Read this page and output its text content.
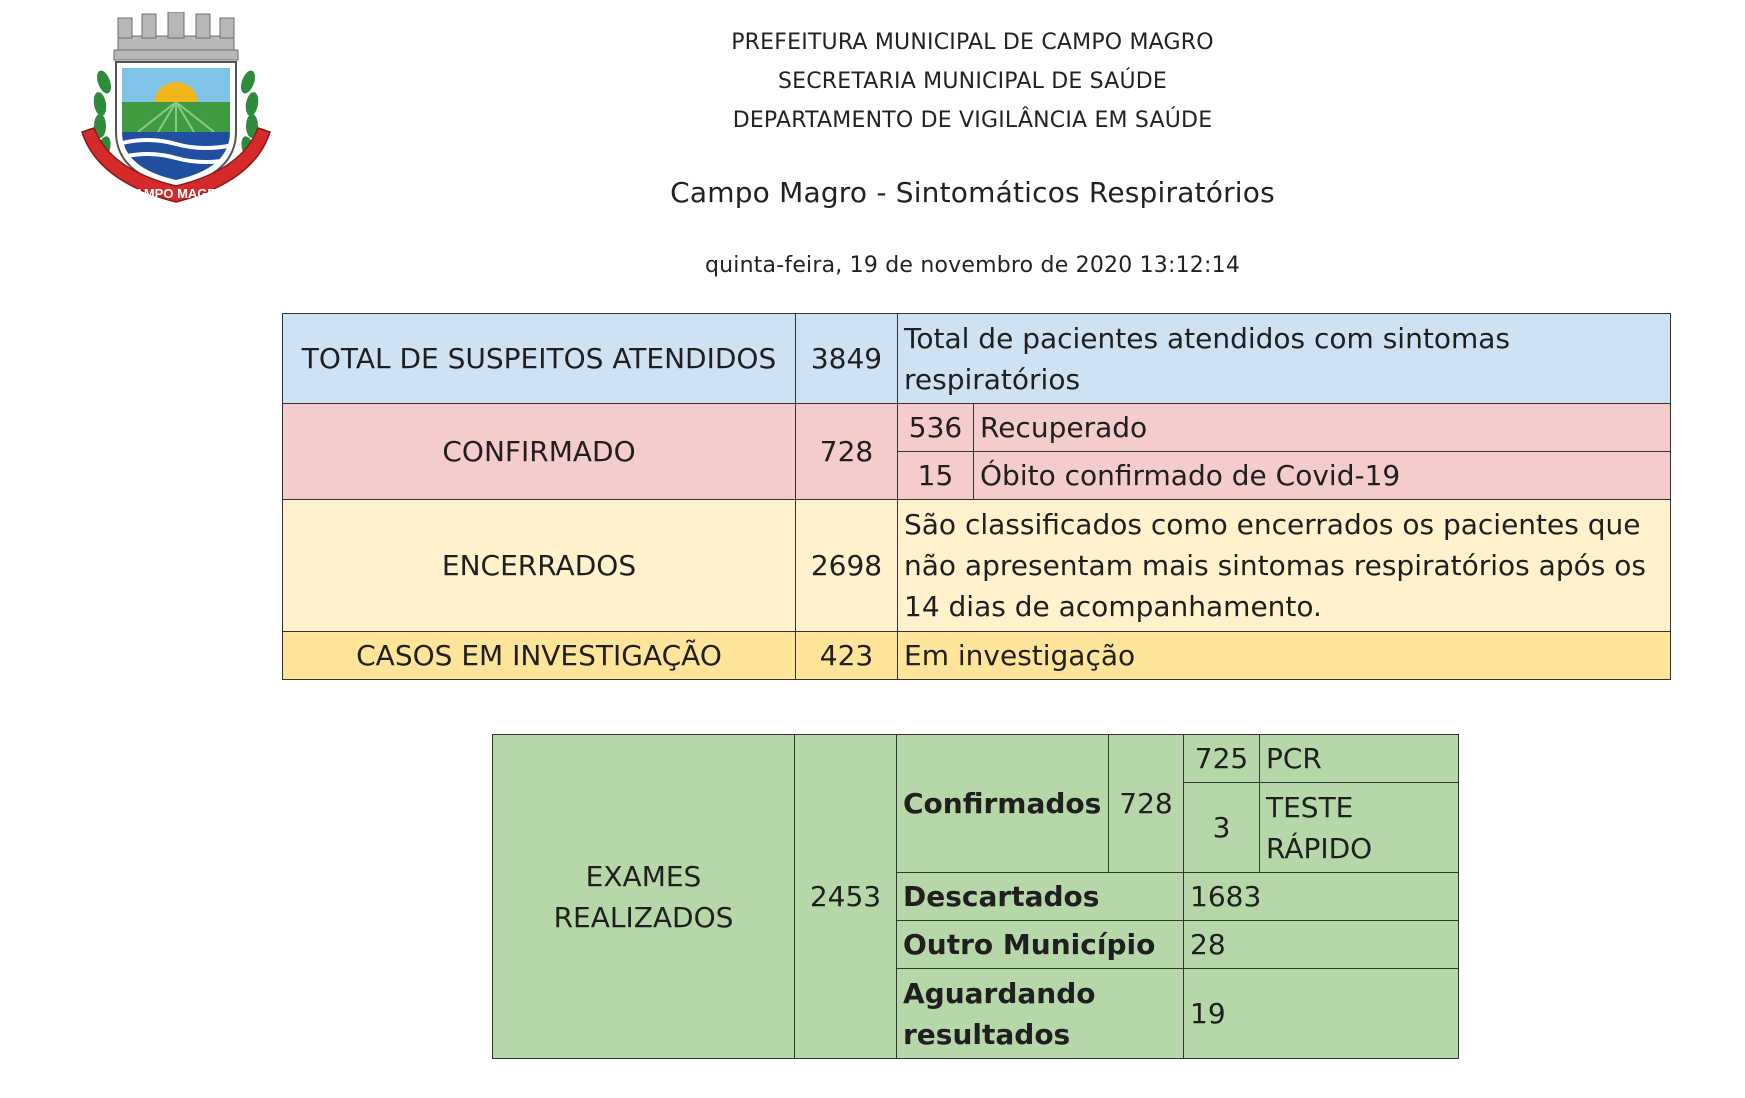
CAMPO MAGRO
PREFEITURA MUNICIPAL DE CAMPO MAGRO
SECRETARIA MUNICIPAL DE SAÚDE
DEPARTAMENTO DE VIGILÂNCIA EM SAÚDE
Campo Magro - Sintomáticos Respiratórios
quinta-feira, 19 de novembro de 2020 13:12:14
TOTAL DE SUSPEITOS ATENDIDOS	3849	Total de pacientes atendidos com sintomas respiratórios	
CONFIRMADO	728	536	Recuperado
		15	Óbito confirmado de Covid-19
ENCERRADOS	2698	São classificados como encerrados os pacientes que não apresentam mais sintomas respiratórios após os 14 dias de acompanhamento.	
CASOS EM INVESTIGAÇÃO	423	Em investigação	
EXAMES REALIZADOS	2453	Confirmados	728	725	PCR
				3	TESTE RÁPIDO
		Descartados		1683	
		Outro Município		28	
		Aguardando resultados		19	
